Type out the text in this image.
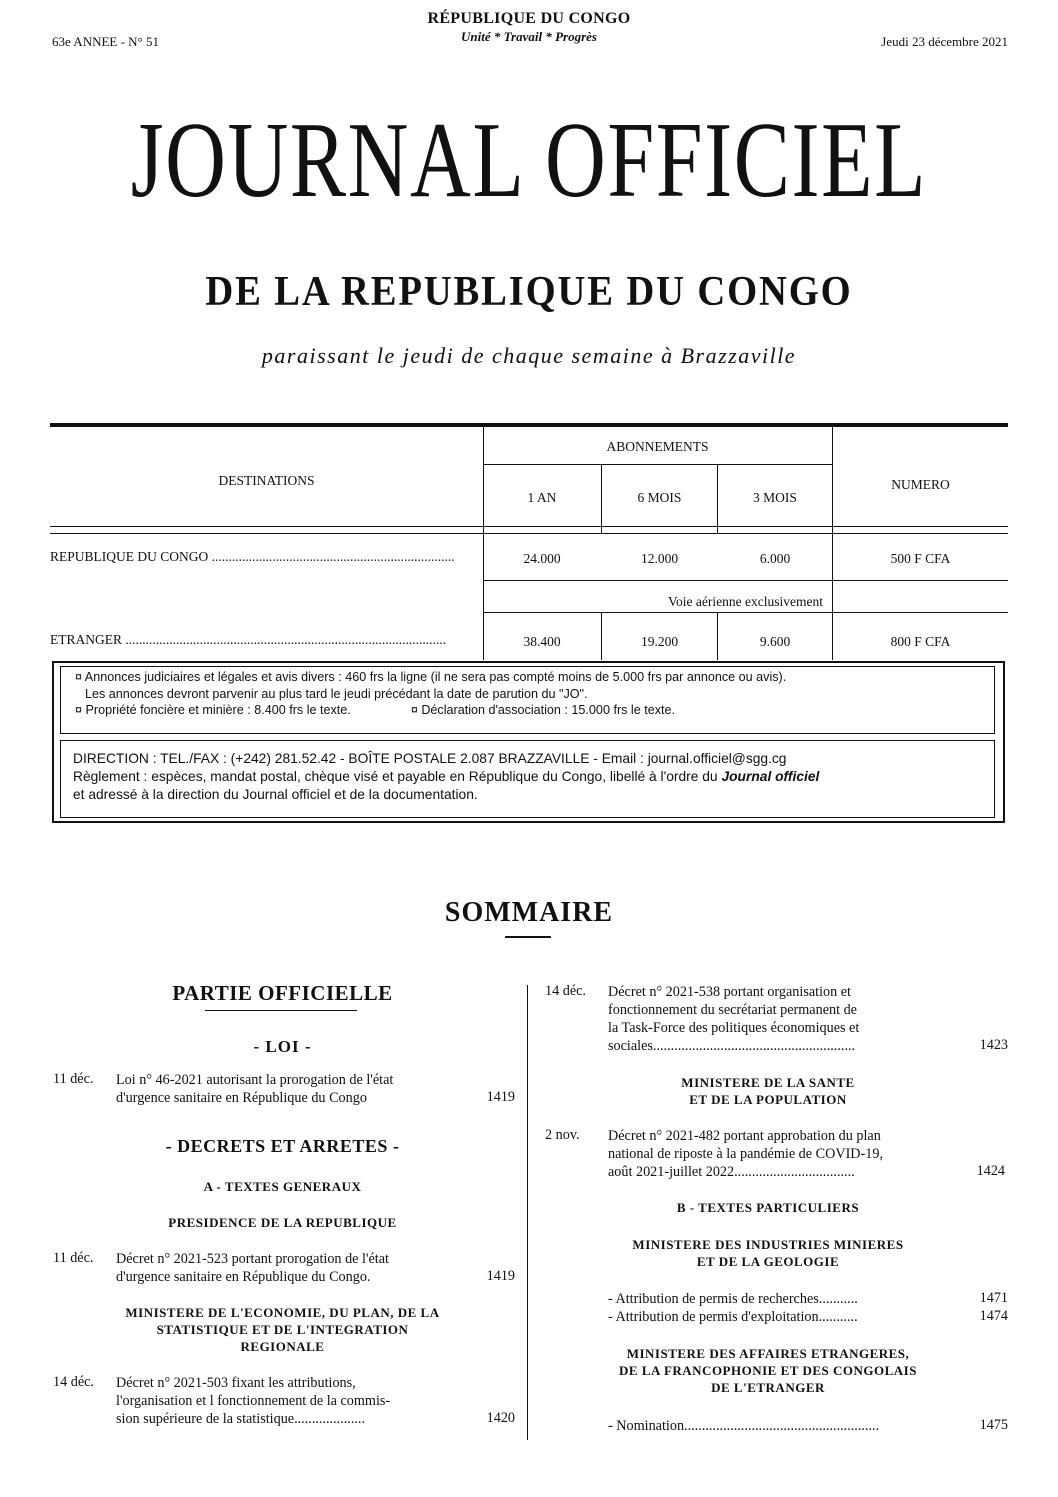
63e ANNEE - N° 51
RÉPUBLIQUE DU CONGO
Unité * Travail * Progrès	Jeudi 23 décembre 2021
JOURNAL OFFICIEL
DE LA REPUBLIQUE DU CONGO
paraissant le jeudi de chaque semaine à Brazzaville
DESTINATIONS
ABONNEMENTS
NUMERO
1 AN	6 MOIS	3 MOIS
REPUBLIQUE DU CONGO ........................................................................	24.000	12.000	6.000	500 F CFA
Voie aérienne exclusivement
ETRANGER ...............................................................................................	38.400	19.200	9.600	800 F CFA
¤ Annonces judiciaires et légales et avis divers : 460 frs la ligne (il ne sera pas compté moins de 5.000 frs par annonce ou avis).
Les annonces devront parvenir au plus tard le jeudi précédant la date de parution du "JO".
¤ Propriété foncière et minière : 8.400 frs le texte.	¤ Déclaration d'association : 15.000 frs le texte.
DIRECTION : TEL./FAX : (+242) 281.52.42 - BOÎTE POSTALE 2.087 BRAZZAVILLE - Email : journal.officiel@sgg.cg
Règlement : espèces, mandat postal, chèque visé et payable en République du Congo, libellé à l'ordre du Journal officiel
et adressé à la direction du Journal officiel et de la documentation.
SOMMAIRE
PARTIE OFFICIELLE
- LOI -
11 déc. Loi n° 46-2021 autorisant la prorogation de l'état
d'urgence sanitaire en République du Congo	1419
- DECRETS ET ARRETES -
A - TEXTES GENERAUX
PRESIDENCE DE LA REPUBLIQUE
11 déc. Décret n° 2021-523 portant prorogation de l'état
d'urgence sanitaire en République du Congo.	1419
MINISTERE DE L'ECONOMIE, DU PLAN, DE LA
STATISTIQUE ET DE L'INTEGRATION
REGIONALE
14 déc. Décret n° 2021-503 fixant les attributions,
l'organisation et l fonctionnement de la commis-
sion supérieure de la statistique....................	1420
14 déc. Décret n° 2021-538 portant organisation et
fonctionnement du secrétariat permanent de
la Task-Force des politiques économiques et
sociales.........................................................	1423
MINISTERE DE LA SANTE
ET DE LA POPULATION
2 nov. Décret n° 2021-482 portant approbation du plan
national de riposte à la pandémie de COVID-19,
août 2021-juillet 2022..................................	1424
B - TEXTES PARTICULIERS
MINISTERE DES INDUSTRIES MINIERES
ET DE LA GEOLOGIE
- Attribution de permis de recherches...........	1471
- Attribution de permis d'exploitation...........	1474
MINISTERE DES AFFAIRES ETRANGERES,
DE LA FRANCOPHONIE ET DES CONGOLAIS
DE L'ETRANGER
- Nomination.......................................................	1475
